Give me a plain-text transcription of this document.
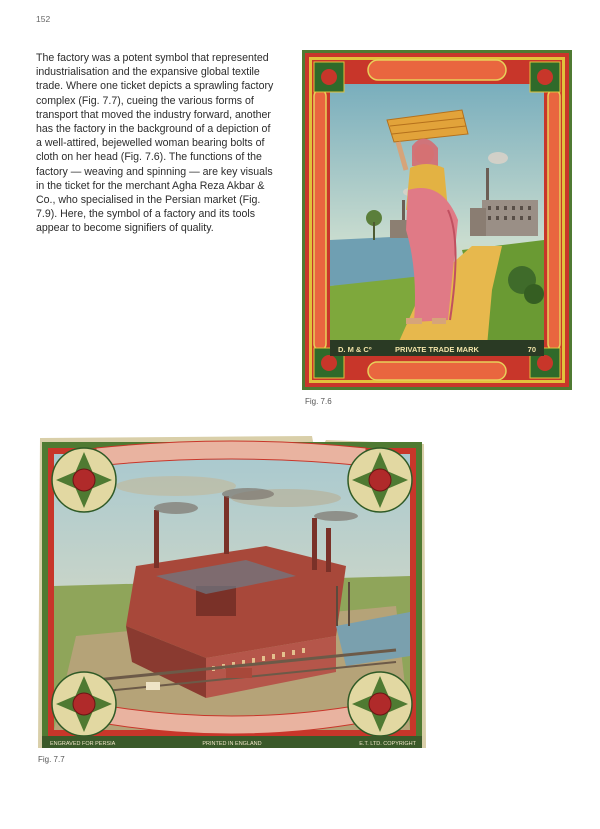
152
The factory was a potent symbol that represented industrialisation and the expansive global textile trade. Where one ticket depicts a sprawling factory complex (Fig. 7.7), cueing the various forms of transport that moved the industry forward, another has the factory in the background of a depiction of a well-attired, bejewelled woman bearing bolts of cloth on her head (Fig. 7.6). The functions of the factory — weaving and spinning — are key visuals in the ticket for the merchant Agha Reza Akbar & Co., who specialised in the Persian market (Fig. 7.9). Here, the symbol of a factory and its tools appear to become signifiers of quality.
D. M & Cº	PRIVATE TRADE MARK	70
Fig. 7.6
ENGRAVED FOR PERSIA	PRINTED IN ENGLAND	E.T. LTD. COPYRIGHT
Fig. 7.7
